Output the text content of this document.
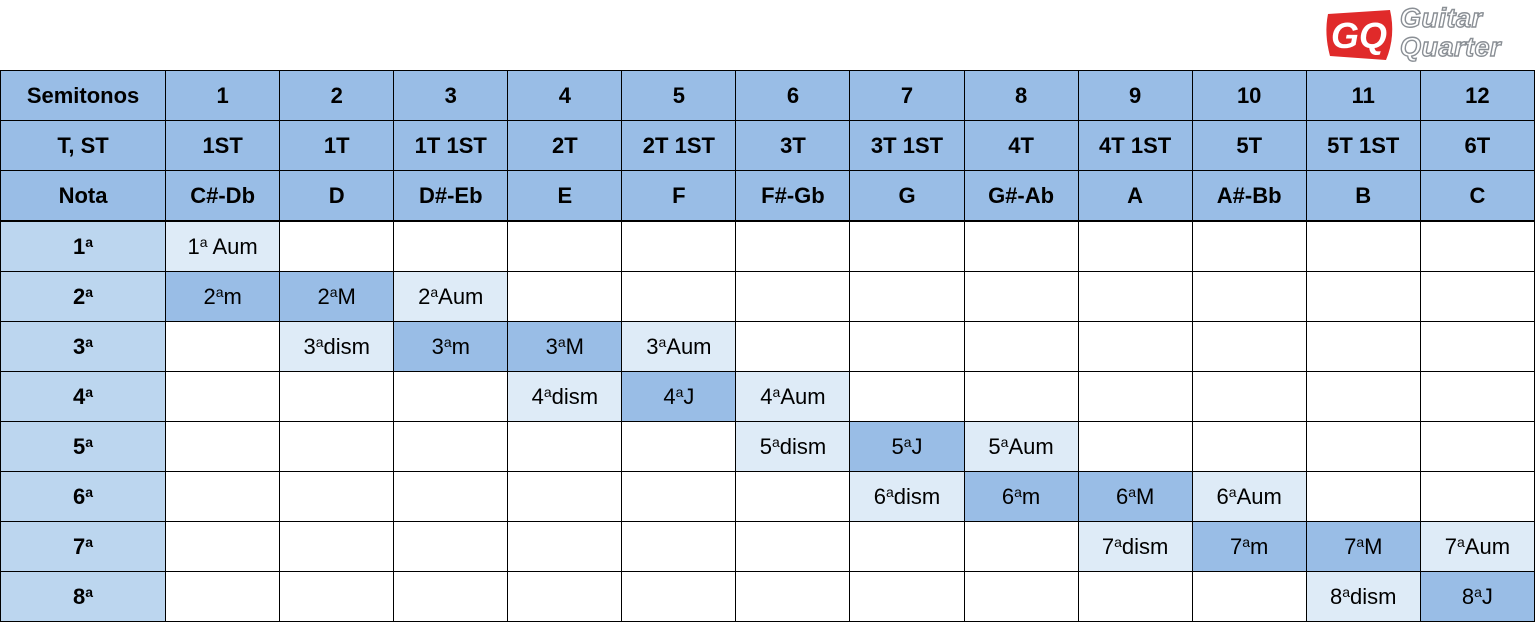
GQ Guitar
Quarter
Semitonos	1	2	3	4	5	6	7	8	9	10	11	12
T, ST	1ST	1T	1T 1ST	2T	2T 1ST	3T	3T 1ST	4T	4T 1ST	5T	5T 1ST	6T
Nota	C#-Db	D	D#-Eb	E	F	F#-Gb	G	G#-Ab	A	A#-Bb	B	C
1$^a$	1$^a$ Aum											
2$^a$	2$^a$m	2$^a$M	2$^a$Aum									
3$^a$		3$^a$dism	3$^a$m	3$^a$M	3$^a$Aum							
4$^a$				4$^a$dism	4$^a$J	4$^a$Aum						
5$^a$						5$^a$dism	5$^a$J	5$^a$Aum				
6$^a$							6$^a$dism	6$^a$m	6$^a$M	6$^a$Aum		
7$^a$									7$^a$dism	7$^a$m	7$^a$M	7$^a$Aum
8$^a$											8$^a$dism	8$^a$J
